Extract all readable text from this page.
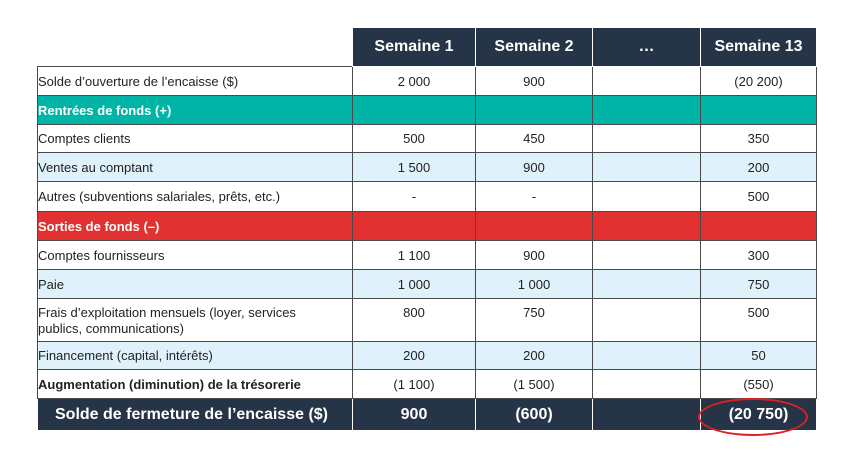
	Semaine 1	Semaine 2	…	Semaine 13
Solde d’ouverture de l’encaisse ($)	2 000	900		(20 200)
Rentrées de fonds (+)				
Comptes clients	500	450		350
Ventes au comptant	1 500	900		200
Autres (subventions salariales, prêts, etc.)	-	-		500
Sorties de fonds (–)				
Comptes fournisseurs	1 100	900		300
Paie	1 000	1 000		750
Frais d’exploitation mensuels (loyer, services publics, communications)	800	750		500
Financement (capital, intérêts)	200	200		50
Augmentation (diminution) de la trésorerie	(1 100)	(1 500)		(550)
Solde de fermeture de l’encaisse ($)	900	(600)		(20 750)
